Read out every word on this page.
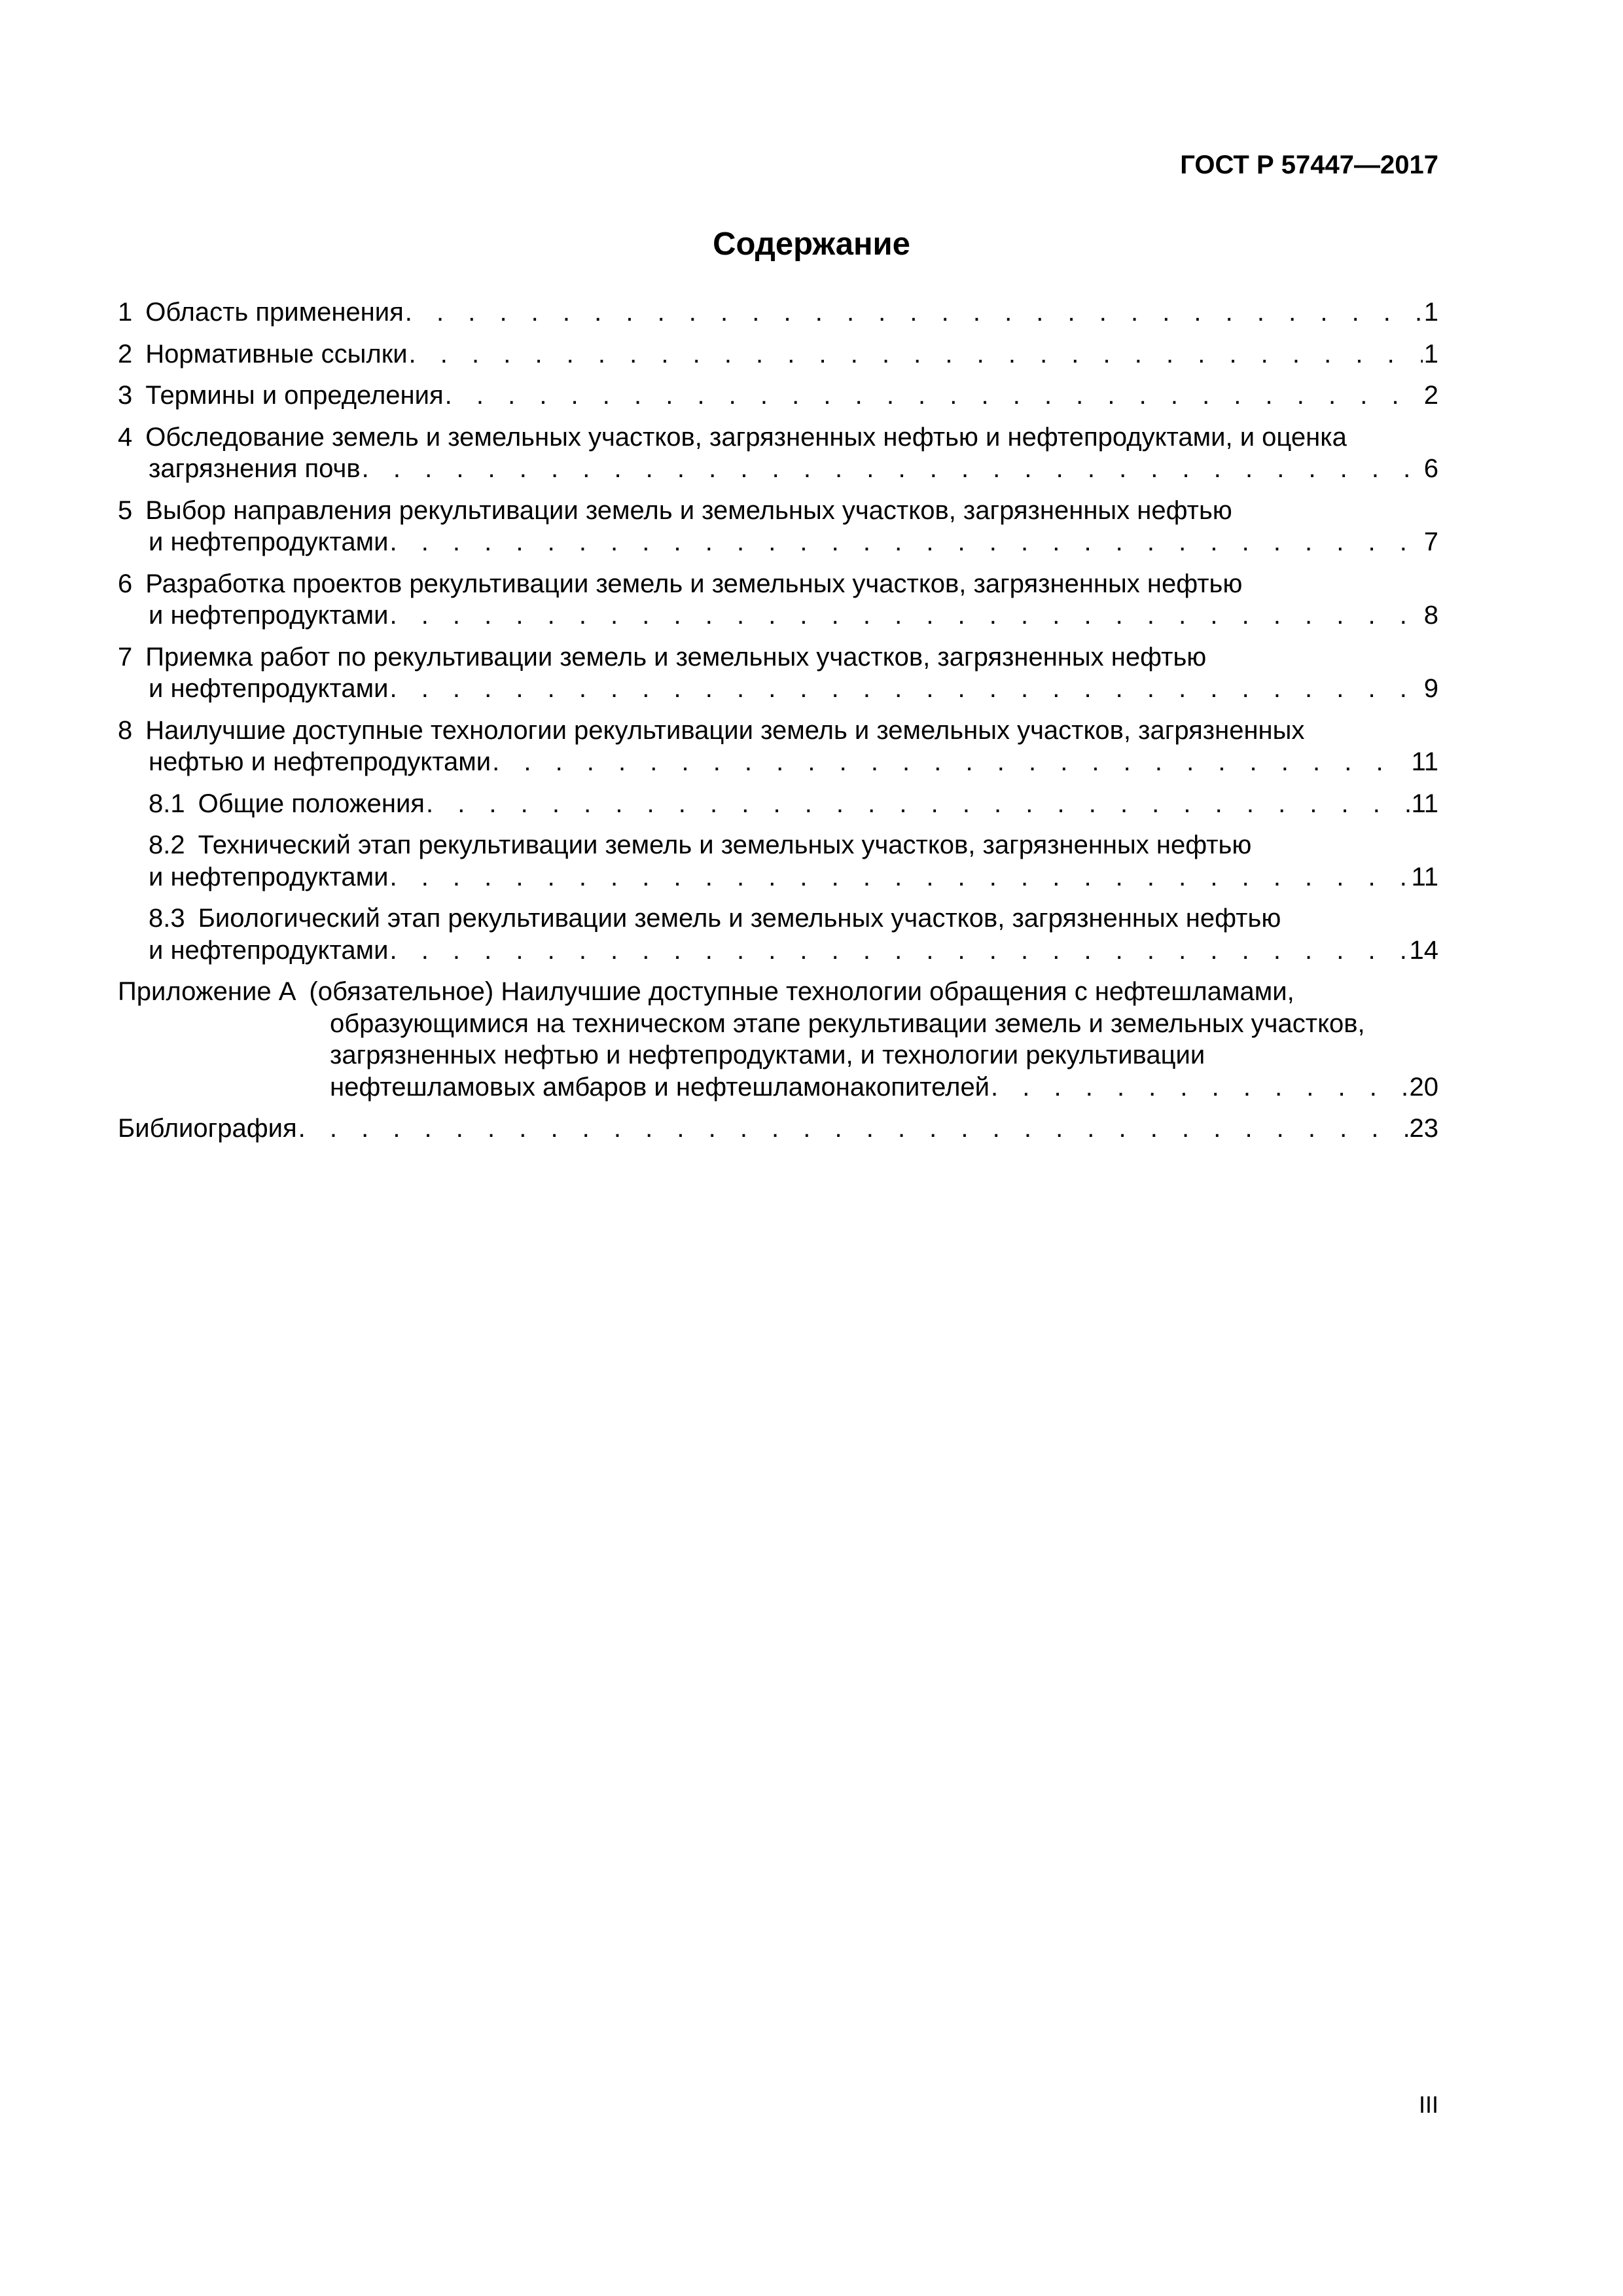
ГОСТ Р 57447—2017
Содержание
1 Область применения . . .	1
2 Нормативные ссылки . . .	1
3 Термины и определения . . .	2
4 Обследование земель и земельных участков, загрязненных нефтью и нефтепродуктами, и оценка
загрязнения почв . . .	6
5 Выбор направления рекультивации земель и земельных участков, загрязненных нефтью
и нефтепродуктами . . .	7
6 Разработка проектов рекультивации земель и земельных участков, загрязненных нефтью
и нефтепродуктами . . .	8
7 Приемка работ по рекультивации земель и земельных участков, загрязненных нефтью
и нефтепродуктами . . .	9
8 Наилучшие доступные технологии рекультивации земель и земельных участков, загрязненных
нефтью и нефтепродуктами . . .	11
8.1 Общие положения . . .	11
8.2 Технический этап рекультивации земель и земельных участков, загрязненных нефтью
и нефтепродуктами . . .	11
8.3 Биологический этап рекультивации земель и земельных участков, загрязненных нефтью
и нефтепродуктами . . .	14
Приложение А (обязательное) Наилучшие доступные технологии обращения с нефтешламами,
образующимися на техническом этапе рекультивации земель и земельных участков,
загрязненных нефтью и нефтепродуктами, и технологии рекультивации
нефтешламовых амбаров и нефтешламонакопителей . . .	20
Библиография . . .	23
III
